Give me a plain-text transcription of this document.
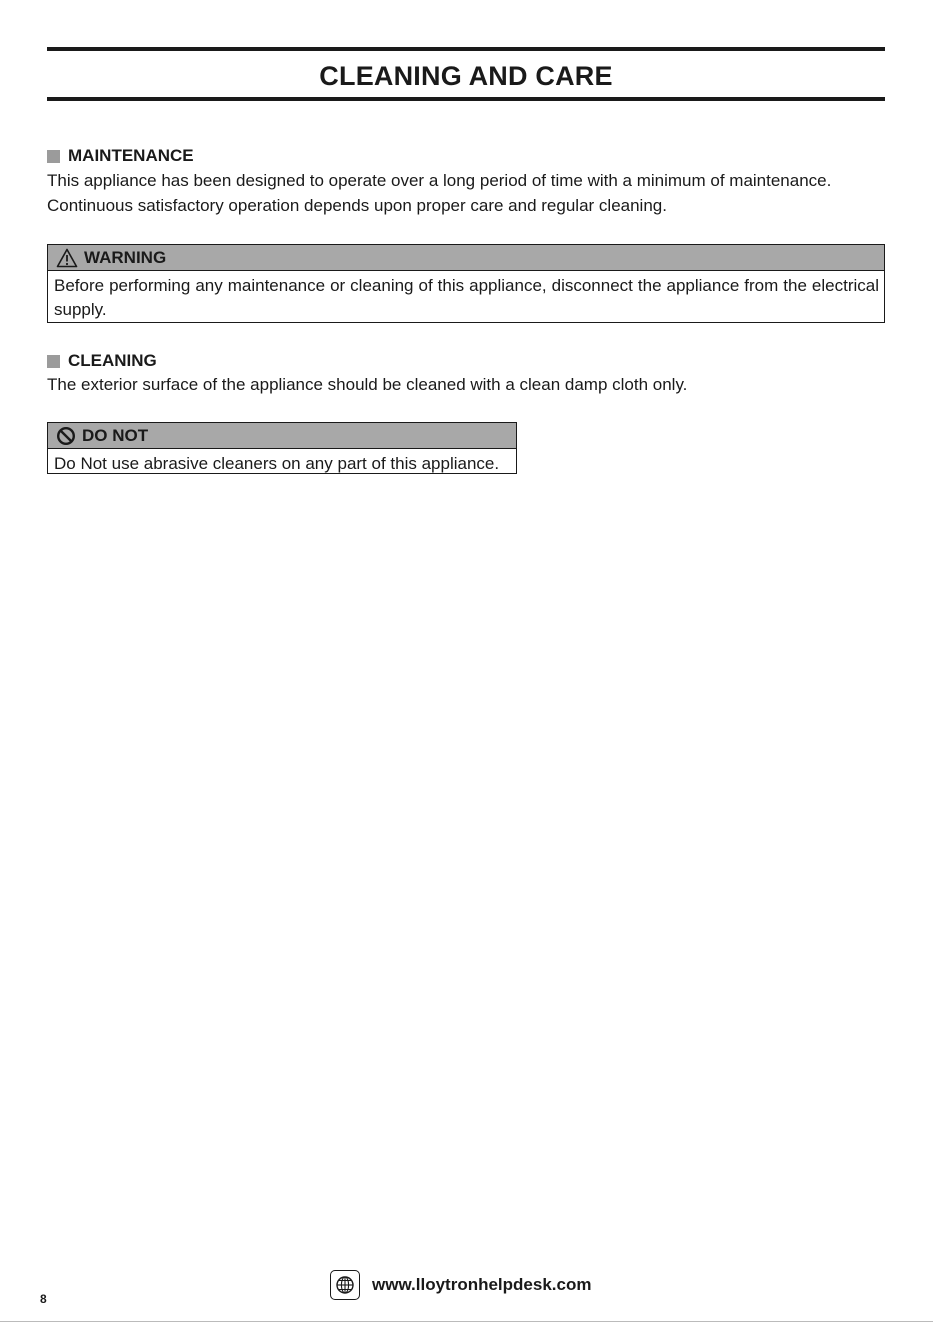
CLEANING AND CARE
MAINTENANCE

This appliance has been designed to operate over a long period of time with a minimum of maintenance.

Continuous satisfactory operation depends upon proper care and regular cleaning.

WARNING
Before performing any maintenance or cleaning of this appliance, disconnect the appliance from the electrical supply.
CLEANING

The exterior surface of the appliance should be cleaned with a clean damp cloth only.

DO NOT
Do Not use abrasive cleaners on any part of this appliance.
8
www.lloytronhelpdesk.com
